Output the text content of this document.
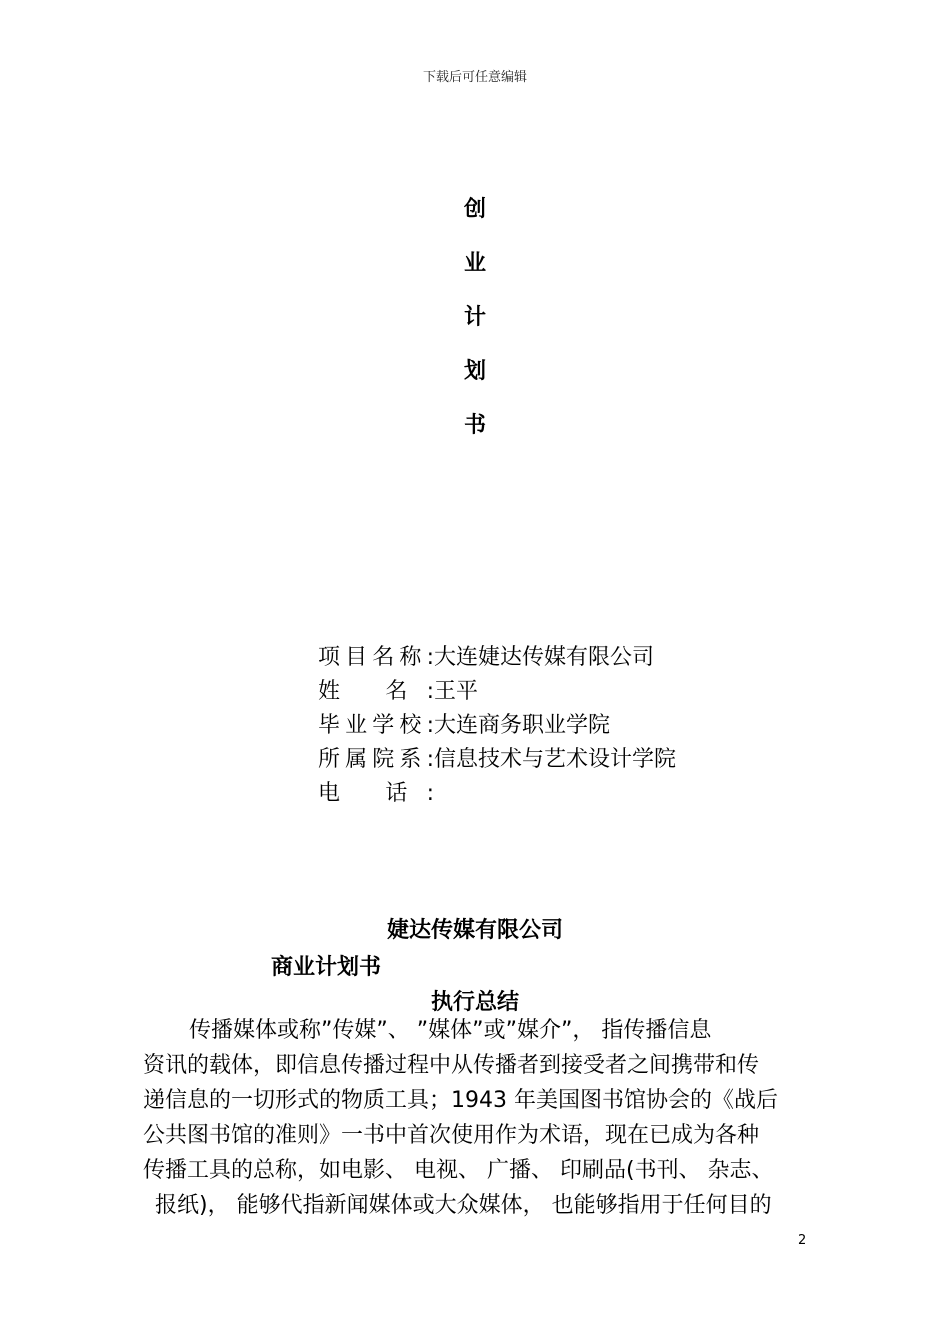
下载后可任意编辑
创
业
计
划
书
项目名称:大连婕达传媒有限公司
姓 名:王平
毕业学校:大连商务职业学院
所属院系:信息技术与艺术设计学院
电 话:
婕达传媒有限公司
商业计划书
执行总结
传播媒体或称”传媒”、 ”媒体”或”媒介”， 指传播信息
资讯的载体，即信息传播过程中从传播者到接受者之间携带和传
递信息的一切形式的物质工具；1943 年美国图书馆协会的《战后
公共图书馆的准则》一书中首次使用作为术语，现在已成为各种
传播工具的总称，如电影、 电视、 广播、 印刷品(书刊、 杂志、
报纸)， 能够代指新闻媒体或大众媒体， 也能够指用于任何目的
2
